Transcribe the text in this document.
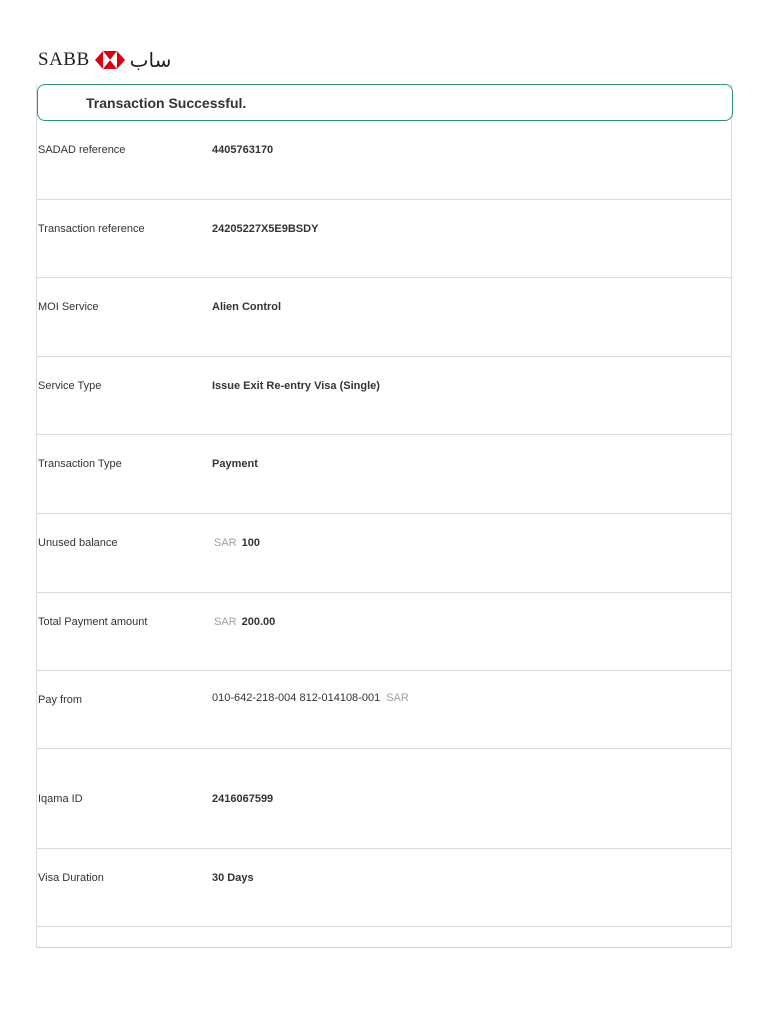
SABB ساب
Transaction Successful.
SADAD reference	4405763170
Transaction reference	24205227X5E9BSDY
MOI Service	Alien Control
Service Type	Issue Exit Re-entry Visa (Single)
Transaction Type	Payment
Unused balance	SAR 100
Total Payment amount	SAR 200.00
Pay from	010-642-218-004 812-014108-001 SAR
Iqama ID	2416067599
Visa Duration	30 Days
